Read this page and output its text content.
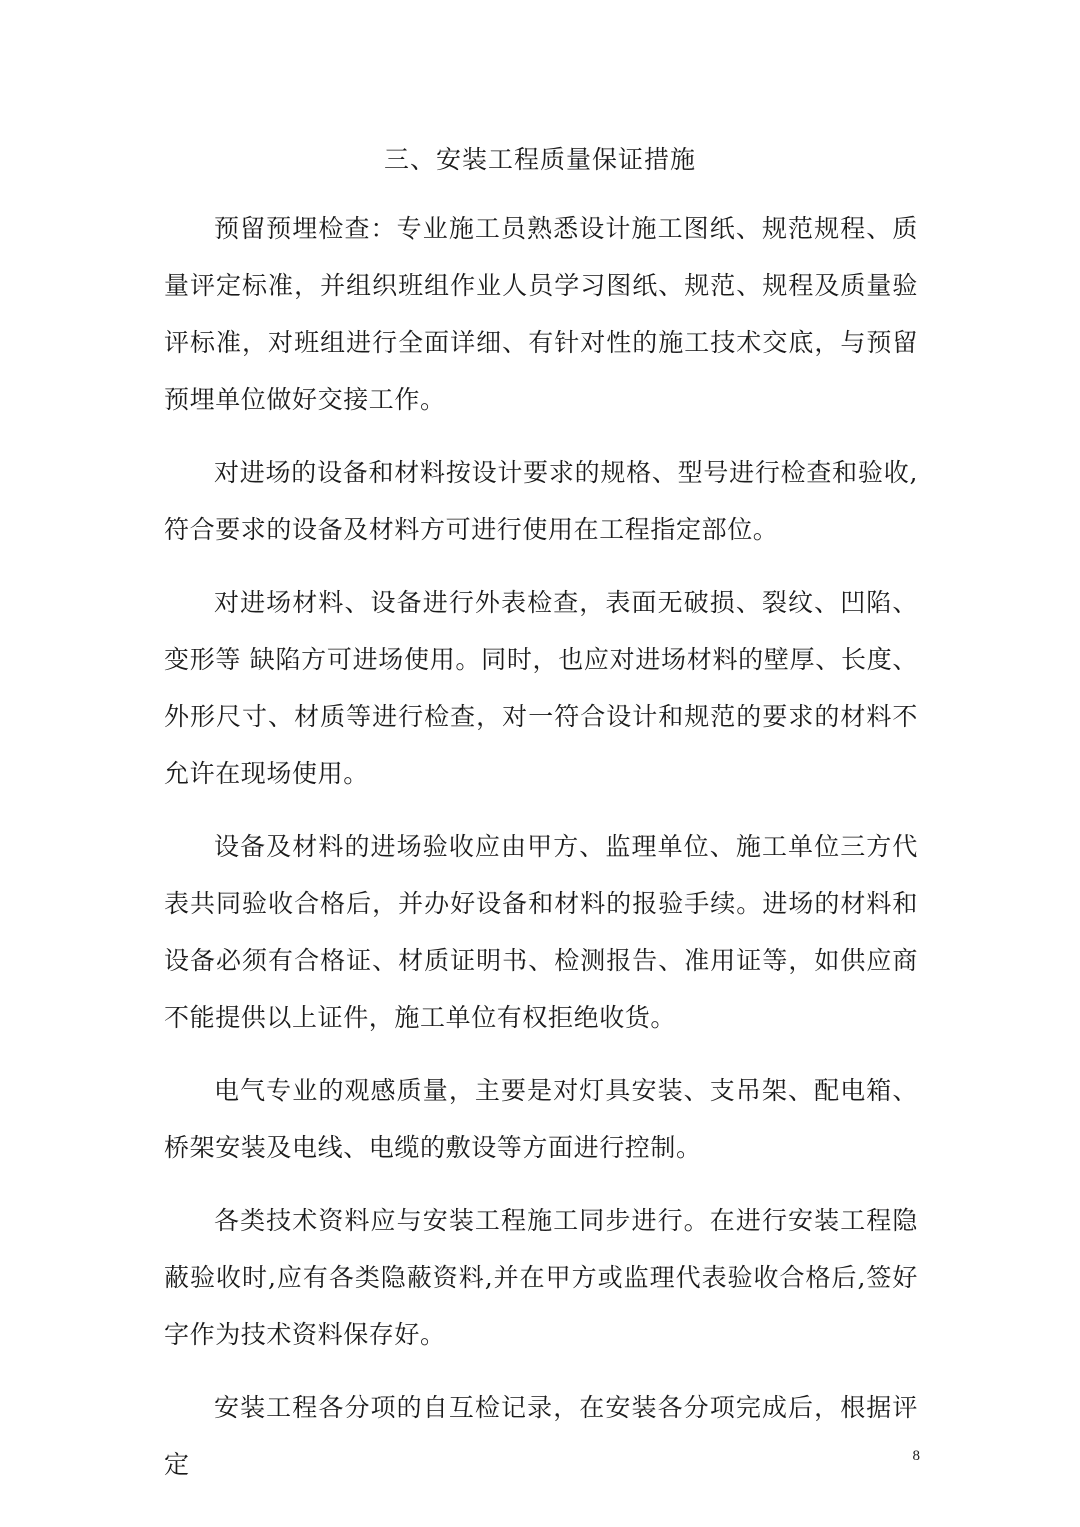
三、安装工程质量保证措施

预留预埋检查：专业施工员熟悉设计施工图纸、规范规程、质量评定标准，并组织班组作业人员学习图纸、规范、规程及质量验评标准，对班组进行全面详细、有针对性的施工技术交底，与预留预埋单位做好交接工作。

对进场的设备和材料按设计要求的规格、型号进行检查和验收,符合要求的设备及材料方可进行使用在工程指定部位。

对进场材料、设备进行外表检查，表面无破损、裂纹、凹陷、变形等 缺陷方可进场使用。同时，也应对进场材料的壁厚、长度、外形尺寸、材质等进行检查，对一符合设计和规范的要求的材料不允许在现场使用。

设备及材料的进场验收应由甲方、监理单位、施工单位三方代表共同验收合格后，并办好设备和材料的报验手续。进场的材料和设备必须有合格证、材质证明书、检测报告、准用证等，如供应商不能提供以上证件，施工单位有权拒绝收货。

电气专业的观感质量，主要是对灯具安装、支吊架、配电箱、桥架安装及电线、电缆的敷设等方面进行控制。

各类技术资料应与安装工程施工同步进行。在进行安装工程隐蔽验收时,应有各类隐蔽资料,并在甲方或监理代表验收合格后,签好字作为技术资料保存好。

安装工程各分项的自互检记录，在安装各分项完成后，根据评定	8
